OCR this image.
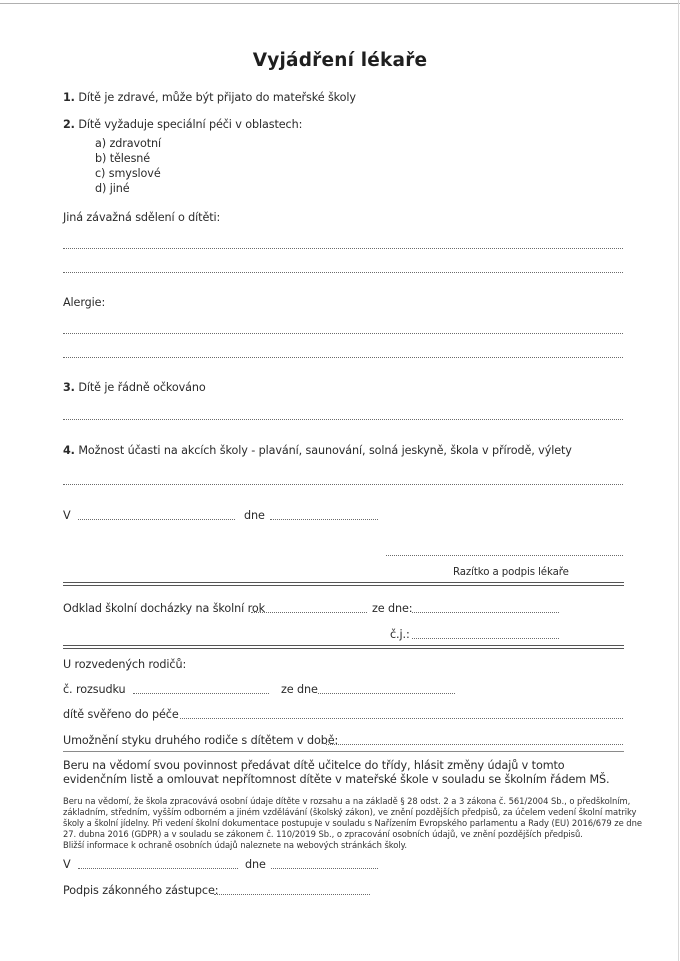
Vyjádření lékaře
1. Dítě je zdravé, může být přijato do mateřské školy
2. Dítě vyžaduje speciální péči v oblastech:
a) zdravotní
b) tělesné
c) smyslové
d) jiné
Jiná závažná sdělení o dítěti:
Alergie:
3. Dítě je řádně očkováno
4. Možnost účasti na akcích školy - plavání, saunování, solná jeskyně, škola v přírodě, výlety
V	dne
Razítko a podpis lékaře
Odklad školní docházky na školní rok	ze dne:
č.j.:
U rozvedených rodičů:
č. rozsudku	ze dne
dítě svěřeno do péče
Umožnění styku druhého rodiče s dítětem v době:
Beru na vědomí svou povinnost předávat dítě učitelce do třídy, hlásit změny údajů v tomto evidenčním listě a omlouvat nepřítomnost dítěte v mateřské škole v souladu se školním řádem MŠ.
Beru na vědomí, že škola zpracovává osobní údaje dítěte v rozsahu a na základě § 28 odst. 2 a 3 zákona č. 561/2004 Sb., o předškolním,
základním, středním, vyšším odborném a jiném vzdělávání (školský zákon), ve znění pozdějších předpisů, za účelem vedení školní matriky
školy a školní jídelny. Při vedení školní dokumentace postupuje v souladu s Nařízením Evropského parlamentu a Rady (EU) 2016/679 ze dne
27. dubna 2016 (GDPR) a v souladu se zákonem č. 110/2019 Sb., o zpracování osobních údajů, ve znění pozdějších předpisů.
Bližší informace k ochraně osobních údajů naleznete na webových stránkách školy.
V	dne
Podpis zákonného zástupce:
